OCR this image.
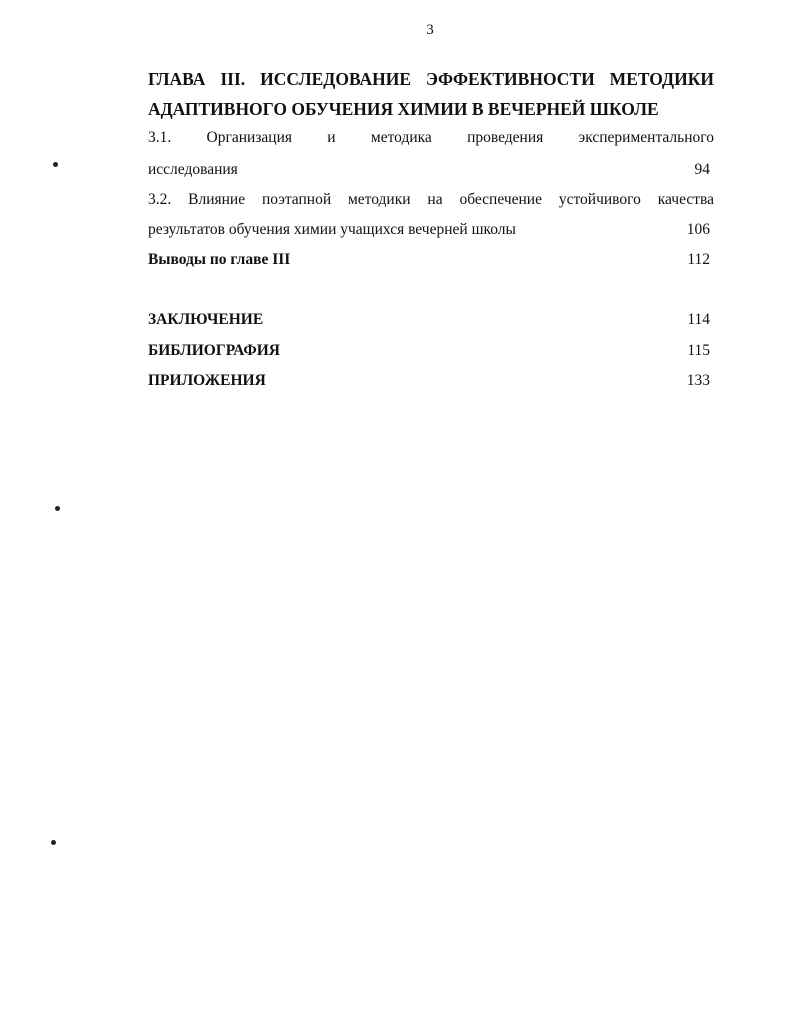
3
ГЛАВА III. ИССЛЕДОВАНИЕ ЭФФЕКТИВНОСТИ МЕТОДИКИ
АДАПТИВНОГО ОБУЧЕНИЯ ХИМИИ В ВЕЧЕРНЕЙ ШКОЛЕ
3.1. Организация и методика проведения экспериментального
исследования	94
3.2. Влияние поэтапной методики на обеспечение устойчивого качества
результатов обучения химии учащихся вечерней школы	106
Выводы по главе III	112
ЗАКЛЮЧЕНИЕ	114
БИБЛИОГРАФИЯ	115
ПРИЛОЖЕНИЯ	133
